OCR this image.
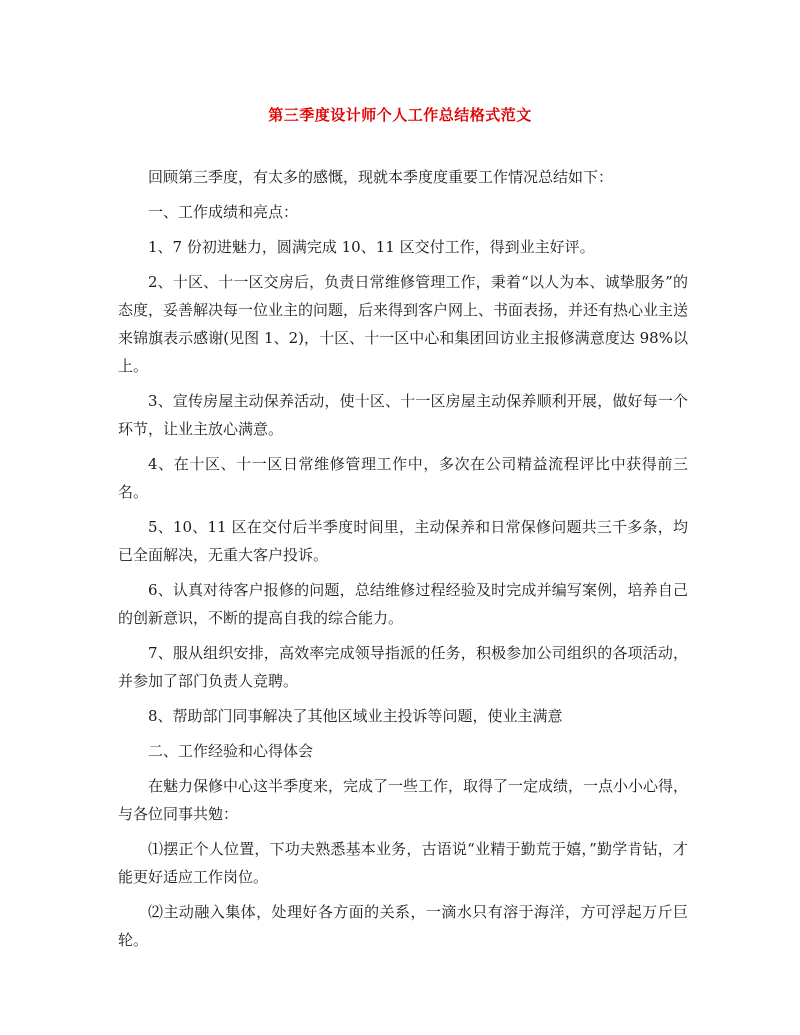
第三季度设计师个人工作总结格式范文

回顾第三季度，有太多的感慨，现就本季度度重要工作情况总结如下：

一、工作成绩和亮点：

1、7 份初进魅力，圆满完成 10、11 区交付工作，得到业主好评。

2、十区、十一区交房后，负责日常维修管理工作，秉着“以人为本、诚挚服务”的态度，妥善解决每一位业主的问题，后来得到客户网上、书面表扬，并还有热心业主送来锦旗表示感谢(见图 1、2)，十区、十一区中心和集团回访业主报修满意度达 98%以上。

3、宣传房屋主动保养活动，使十区、十一区房屋主动保养顺利开展，做好每一个环节，让业主放心满意。

4、在十区、十一区日常维修管理工作中，多次在公司精益流程评比中获得前三名。

5、10、11 区在交付后半季度时间里，主动保养和日常保修问题共三千多条，均已全面解决，无重大客户投诉。

6、认真对待客户报修的问题，总结维修过程经验及时完成并编写案例，培养自己的创新意识，不断的提高自我的综合能力。

7、服从组织安排，高效率完成领导指派的任务，积极参加公司组织的各项活动，并参加了部门负责人竞聘。

8、帮助部门同事解决了其他区域业主投诉等问题，使业主满意

二、工作经验和心得体会

在魅力保修中心这半季度来，完成了一些工作，取得了一定成绩，一点小小心得，与各位同事共勉：

⑴摆正个人位置，下功夫熟悉基本业务，古语说“业精于勤荒于嬉，”勤学肯钻，才能更好适应工作岗位。

⑵主动融入集体，处理好各方面的关系，一滴水只有溶于海洋，方可浮起万斤巨轮。
